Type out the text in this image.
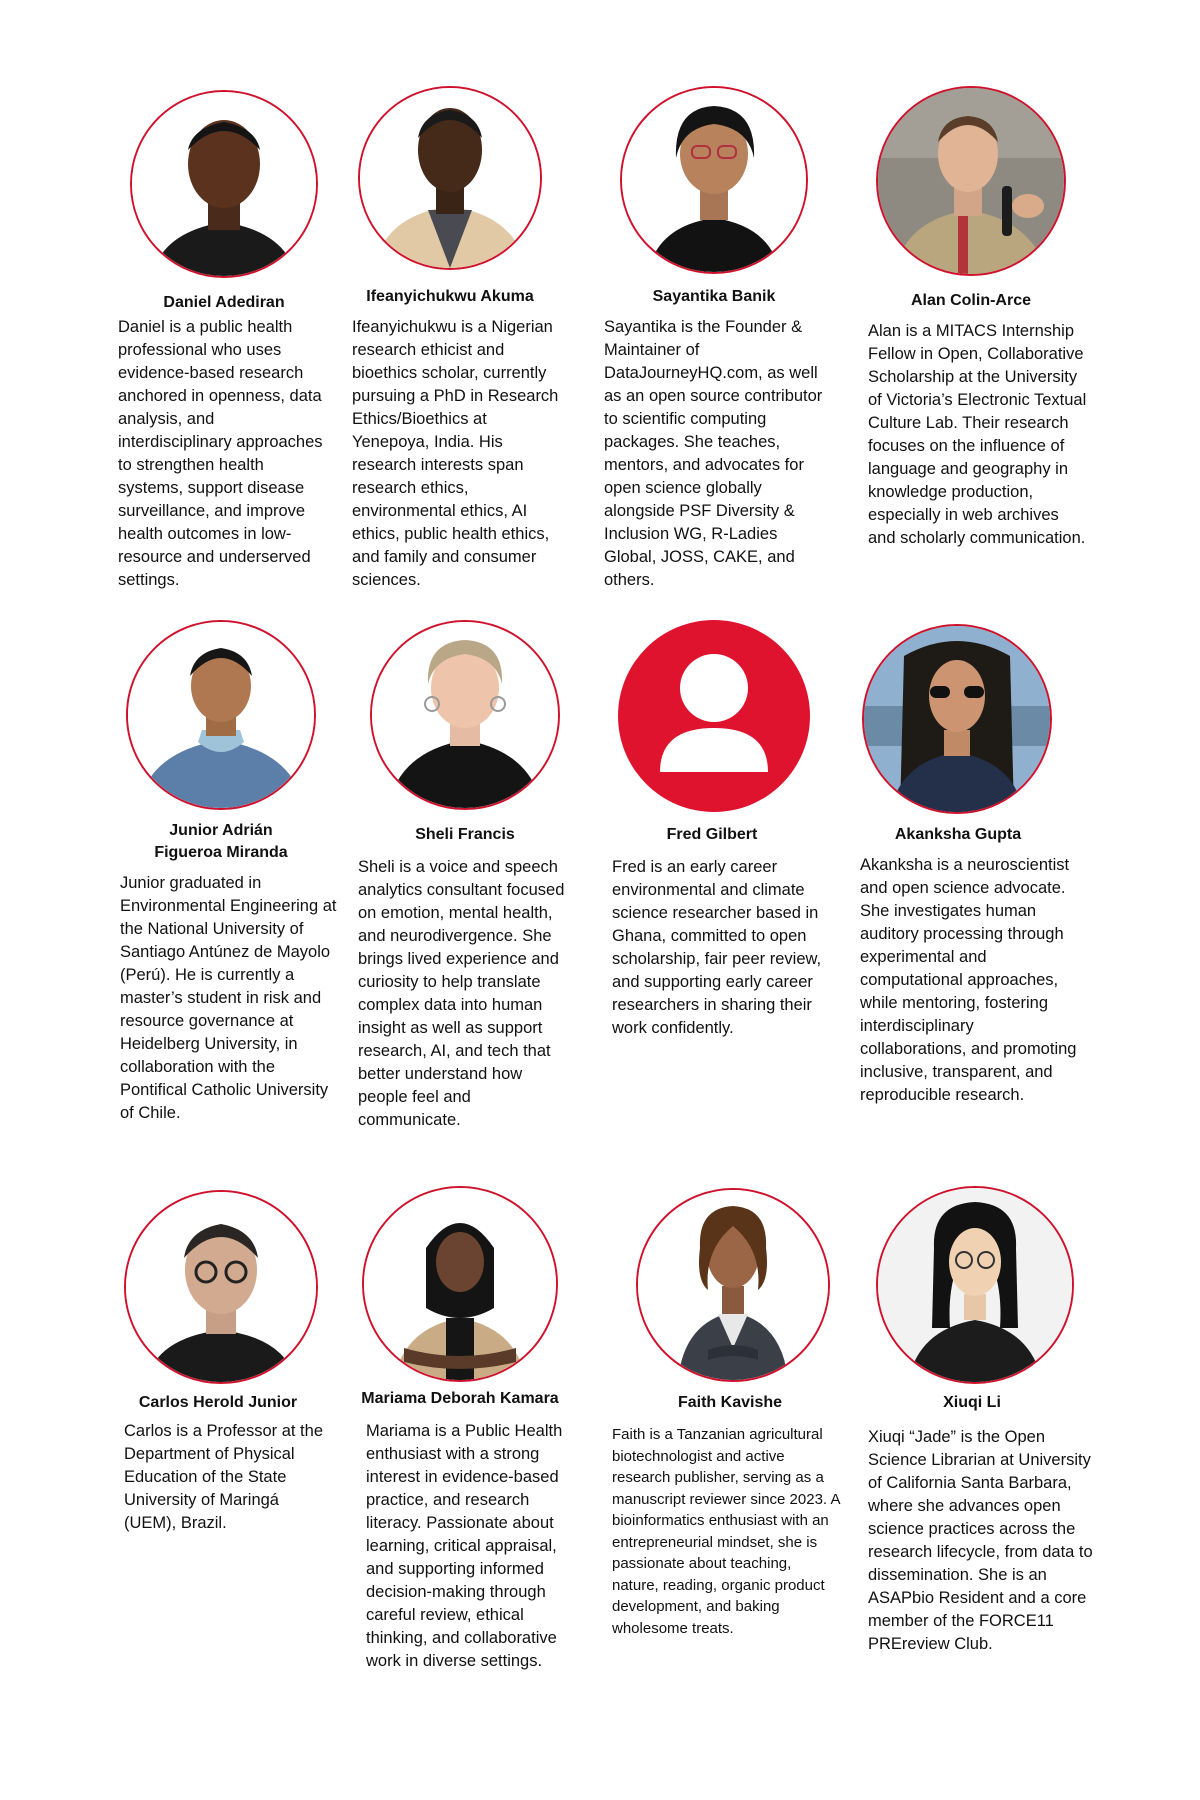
Daniel Adediran

Daniel is a public health professional who uses evidence-based research anchored in openness, data analysis, and interdisciplinary approaches to strengthen health systems, support disease surveillance, and improve health outcomes in low-resource and underserved settings.

Ifeanyichukwu Akuma

Ifeanyichukwu is a Nigerian research ethicist and bioethics scholar, currently pursuing a PhD in Research Ethics/Bioethics at Yenepoya, India. His research interests span research ethics, environmental ethics, AI ethics, public health ethics, and family and consumer sciences.

Sayantika Banik

Sayantika is the Founder & Maintainer of DataJourneyHQ.com, as well as an open source contributor to scientific computing packages. She teaches, mentors, and advocates for open science globally alongside PSF Diversity & Inclusion WG, R-Ladies Global, JOSS, CAKE, and others.

Alan Colin-Arce

Alan is a MITACS Internship Fellow in Open, Collaborative Scholarship at the University of Victoria’s Electronic Textual Culture Lab. Their research focuses on the influence of language and geography in knowledge production, especially in web archives and scholarly communication.

Junior Adrián

Figueroa Miranda

Junior graduated in Environmental Engineering at the National University of Santiago Antúnez de Mayolo (Perú). He is currently a master’s student in risk and resource governance at Heidelberg University, in collaboration with the Pontifical Catholic University of Chile.

Sheli Francis

Sheli is a voice and speech analytics consultant focused on emotion, mental health, and neurodivergence. She brings lived experience and curiosity to help translate complex data into human insight as well as support research, AI, and tech that better understand how people feel and communicate.

Fred Gilbert

Fred is an early career environmental and climate science researcher based in Ghana, committed to open scholarship, fair peer review, and supporting early career researchers in sharing their work confidently.

Akanksha Gupta

Akanksha is a neuroscientist and open science advocate. She investigates human auditory processing through experimental and computational approaches, while mentoring, fostering interdisciplinary collaborations, and promoting inclusive, transparent, and reproducible research.

Carlos Herold Junior

Carlos is a Professor at the Department of Physical Education of the State University of Maringá (UEM), Brazil.

Mariama Deborah Kamara

Mariama is a Public Health enthusiast with a strong interest in evidence-based practice, and research literacy. Passionate about learning, critical appraisal, and supporting informed decision-making through careful review, ethical thinking, and collaborative work in diverse settings.

Faith Kavishe

Faith is a Tanzanian agricultural biotechnologist and active research publisher, serving as a manuscript reviewer since 2023. A bioinformatics enthusiast with an entrepreneurial mindset, she is passionate about teaching, nature, reading, organic product development, and baking wholesome treats.

Xiuqi Li

Xiuqi “Jade” is the Open Science Librarian at University of California Santa Barbara, where she advances open science practices across the research lifecycle, from data to dissemination. She is an ASAPbio Resident and a core member of the FORCE11 PREreview Club.
